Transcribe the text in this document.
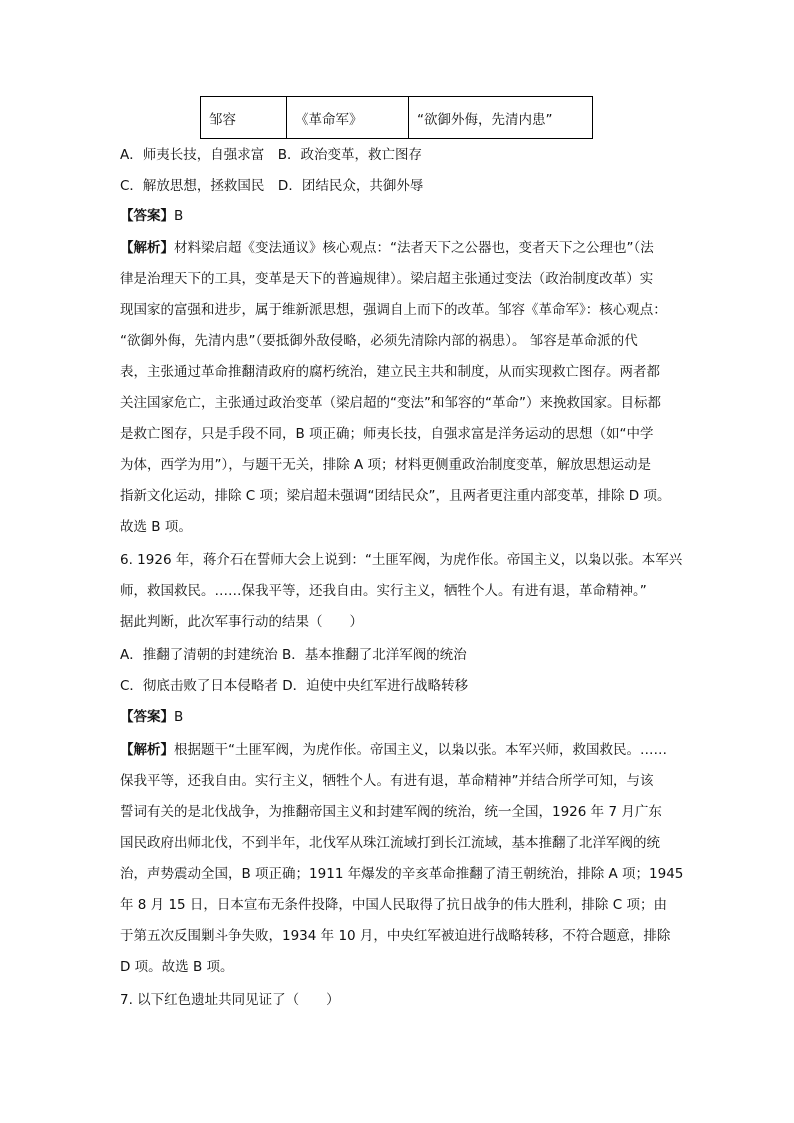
邹容	《革命军》	“欲御外侮，先清内患”
A．师夷长技，自强求富　B．政治变革，救亡图存
C．解放思想，拯救国民　D．团结民众，共御外辱
【答案】B
【解析】材料梁启超《变法通议》核心观点：“法者天下之公器也，变者天下之公理也”（法
律是治理天下的工具，变革是天下的普遍规律）。梁启超主张通过变法（政治制度改革）实
现国家的富强和进步，属于维新派思想，强调自上而下的改革。邹容《革命军》：核心观点：
“欲御外侮，先清内患”（要抵御外敌侵略，必须先清除内部的祸患）。 邹容是革命派的代
表，主张通过革命推翻清政府的腐朽统治，建立民主共和制度，从而实现救亡图存。两者都
关注国家危亡，主张通过政治变革（梁启超的“变法”和邹容的“革命”）来挽救国家。目标都
是救亡图存，只是手段不同，B 项正确；师夷长技，自强求富是洋务运动的思想（如“中学
为体，西学为用”），与题干无关，排除 A 项；材料更侧重政治制度变革，解放思想运动是
指新文化运动，排除 C 项；梁启超未强调“团结民众”，且两者更注重内部变革，排除 D 项。
故选 B 项。
6. 1926 年，蒋介石在誓师大会上说到：“土匪军阀，为虎作伥。帝国主义，以枭以张。本军兴
师，救国救民。……保我平等，还我自由。实行主义，牺牲个人。有进有退，革命精神。”
据此判断，此次军事行动的结果（　　）
A．推翻了清朝的封建统治 B．基本推翻了北洋军阀的统治
C．彻底击败了日本侵略者 D．迫使中央红军进行战略转移
【答案】B
【解析】根据题干“土匪军阀，为虎作伥。帝国主义，以枭以张。本军兴师，救国救民。……
保我平等，还我自由。实行主义，牺牲个人。有进有退，革命精神”并结合所学可知，与该
誓词有关的是北伐战争，为推翻帝国主义和封建军阀的统治，统一全国，1926 年 7 月广东
国民政府出师北伐，不到半年，北伐军从珠江流域打到长江流域，基本推翻了北洋军阀的统
治，声势震动全国，B 项正确；1911 年爆发的辛亥革命推翻了清王朝统治，排除 A 项；1945
年 8 月 15 日，日本宣布无条件投降，中国人民取得了抗日战争的伟大胜利，排除 C 项；由
于第五次反围剿斗争失败，1934 年 10 月，中央红军被迫进行战略转移，不符合题意，排除
D 项。故选 B 项。
7. 以下红色遗址共同见证了（　　）
